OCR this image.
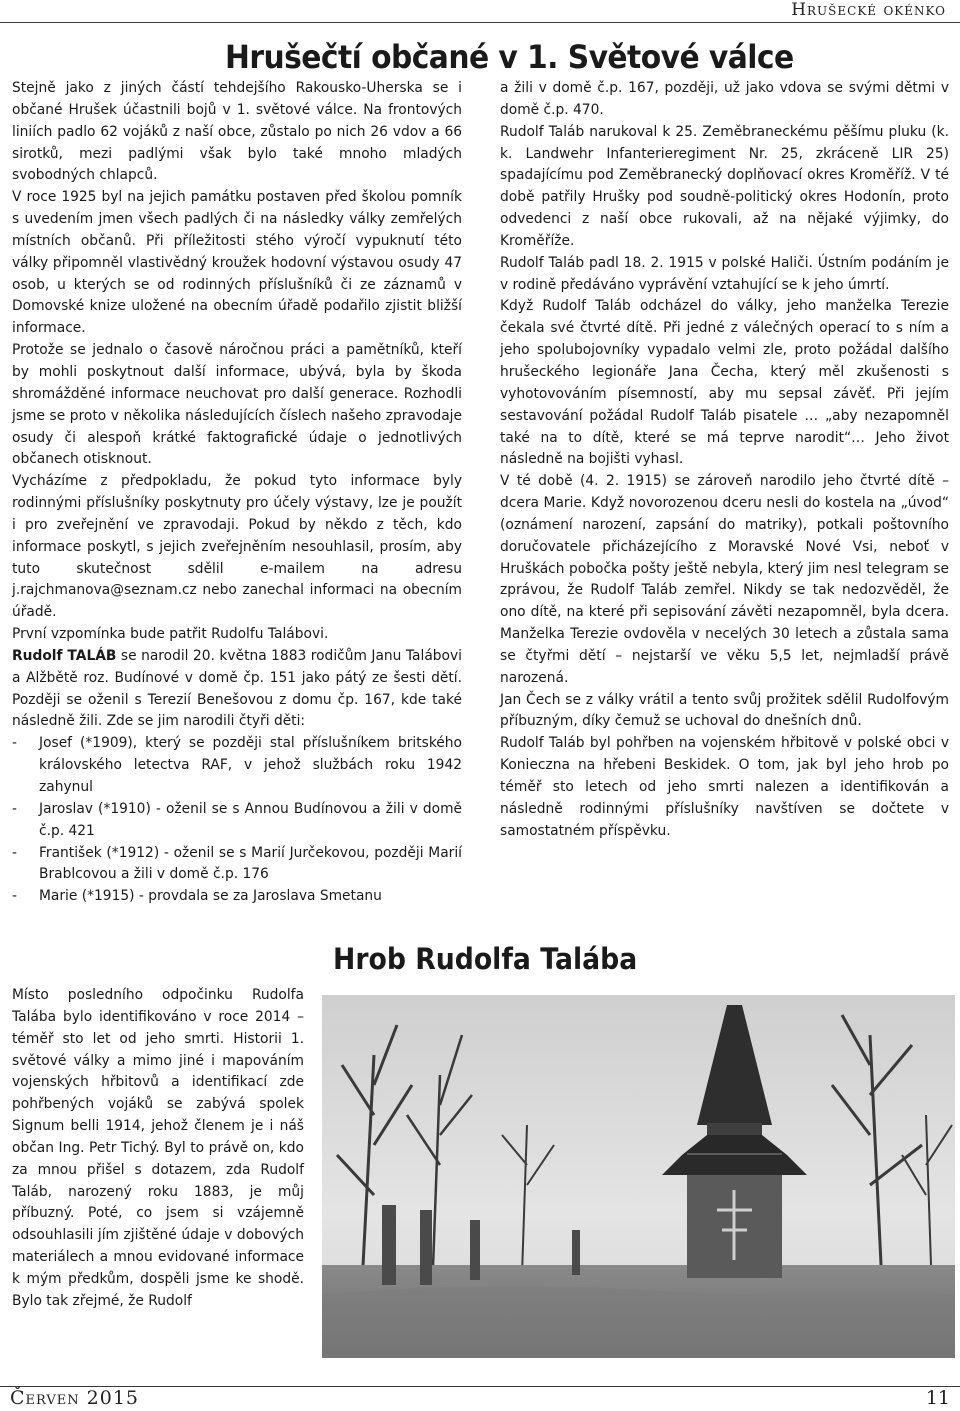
Hrušecké okénko
Hrušečtí občané v 1. Světové válce

Stejně jako z jiných částí tehdejšího Rakousko-Uherska se i občané Hrušek účastnili bojů v 1. světové válce. Na frontových liniích padlo 62 vojáků z naší obce, zůstalo po nich 26 vdov a 66 sirotků, mezi padlými však bylo také mnoho mladých svobodných chlapců.

V roce 1925 byl na jejich památku postaven před školou pomník s uvedením jmen všech padlých či na následky války zemřelých místních občanů. Při příležitosti stého výročí vypuknutí této války připomněl vlastivědný kroužek hodovní výstavou osudy 47 osob, u kterých se od rodinných příslušníků či ze záznamů v Domovské knize uložené na obecním úřadě podařilo zjistit bližší informace.

Protože se jednalo o časově náročnou práci a pamětníků, kteří by mohli poskytnout další informace, ubývá, byla by škoda shromážděné informace neuchovat pro další generace. Rozhodli jsme se proto v několika následujících číslech našeho zpravodaje osudy či alespoň krátké faktografické údaje o jednotlivých občanech otisknout.

Vycházíme z předpokladu, že pokud tyto informace byly rodinnými příslušníky poskytnuty pro účely výstavy, lze je použít i pro zveřejnění ve zpravodaji. Pokud by někdo z těch, kdo informace poskytl, s jejich zveřejněním nesouhlasil, prosím, aby tuto skutečnost sdělil e-mailem na adresu j.rajchmanova@seznam.cz nebo zanechal informaci na obecním úřadě.

První vzpomínka bude patřit Rudolfu Talábovi.

Rudolf TALÁB se narodil 20. května 1883 rodičům Janu Talábovi a Alžbětě roz. Budínové v domě čp. 151 jako pátý ze šesti dětí. Později se oženil s Terezií Benešovou z domu čp. 167, kde také následně žili. Zde se jim narodili čtyři děti:

- Josef (*1909), který se později stal příslušníkem britského královského letectva RAF, v jehož službách roku 1942 zahynul
- Jaroslav (*1910) - oženil se s Annou Budínovou a žili v domě č.p. 421
- František (*1912) - oženil se s Marií Jurčekovou, později Marií Brablcovou a žili v domě č.p. 176
- Marie (*1915) - provdala se za Jaroslava Smetanu

a žili v domě č.p. 167, později, už jako vdova se svými dětmi v domě č.p. 470.

Rudolf Taláb narukoval k 25. Zeměbraneckému pěšímu pluku (k. k. Landwehr Infanterieregiment Nr. 25, zkráceně LIR 25) spadajícímu pod Zeměbranecký doplňovací okres Kroměříž. V té době patřily Hrušky pod soudně-politický okres Hodonín, proto odvedenci z naší obce rukovali, až na nějaké výjimky, do Kroměříže.

Rudolf Taláb padl 18. 2. 1915 v polské Haliči. Ústním podáním je v rodině předáváno vyprávění vztahující se k jeho úmrtí.

Když Rudolf Taláb odcházel do války, jeho manželka Terezie čekala své čtvrté dítě. Při jedné z válečných operací to s ním a jeho spolubojovníky vypadalo velmi zle, proto požádal dalšího hrušeckého legionáře Jana Čecha, který měl zkušenosti s vyhotovováním písemností, aby mu sepsal závěť. Při jejím sestavování požádal Rudolf Taláb pisatele … „aby nezapomněl také na to dítě, které se má teprve narodit“… Jeho život následně na bojišti vyhasl.

V té době (4. 2. 1915) se zároveň narodilo jeho čtvrté dítě – dcera Marie. Když novorozenou dceru nesli do kostela na „úvod“ (oznámení narození, zapsání do matriky), potkali poštovního doručovatele přicházejícího z Moravské Nové Vsi, neboť v Hruškách pobočka pošty ještě nebyla, který jim nesl telegram se zprávou, že Rudolf Taláb zemřel. Nikdy se tak nedozvěděl, že ono dítě, na které při sepisování závěti nezapomněl, byla dcera. Manželka Terezie ovdověla v necelých 30 letech a zůstala sama se čtyřmi dětí – nejstarší ve věku 5,5 let, nejmladší právě narozená.

Jan Čech se z války vrátil a tento svůj prožitek sdělil Rudolfovým příbuzným, díky čemuž se uchoval do dnešních dnů.

Rudolf Taláb byl pohřben na vojenském hřbitově v polské obci v Konieczna na hřebeni Beskidek. O tom, jak byl jeho hrob po téměř sto letech od jeho smrti nalezen a identifikován a následně rodinnými příslušníky navštíven se dočtete v samostatném příspěvku.

Hrob Rudolfa Talába

Místo posledního odpočinku Rudolfa Talába bylo identifikováno v roce 2014 – téměř sto let od jeho smrti. Historii 1. světové války a mimo jiné i mapováním vojenských hřbitovů a identifikací zde pohřbených vojáků se zabývá spolek Signum belli 1914, jehož členem je i náš občan Ing. Petr Tichý. Byl to právě on, kdo za mnou přišel s dotazem, zda Rudolf Taláb, narozený roku 1883, je můj příbuzný. Poté, co jsem si vzájemně odsouhlasili jím zjištěné údaje v dobových materiálech a mnou evidované informace k mým předkům, dospěli jsme ke shodě. Bylo tak zřejmé, že Rudolf

Červen 2015	11
